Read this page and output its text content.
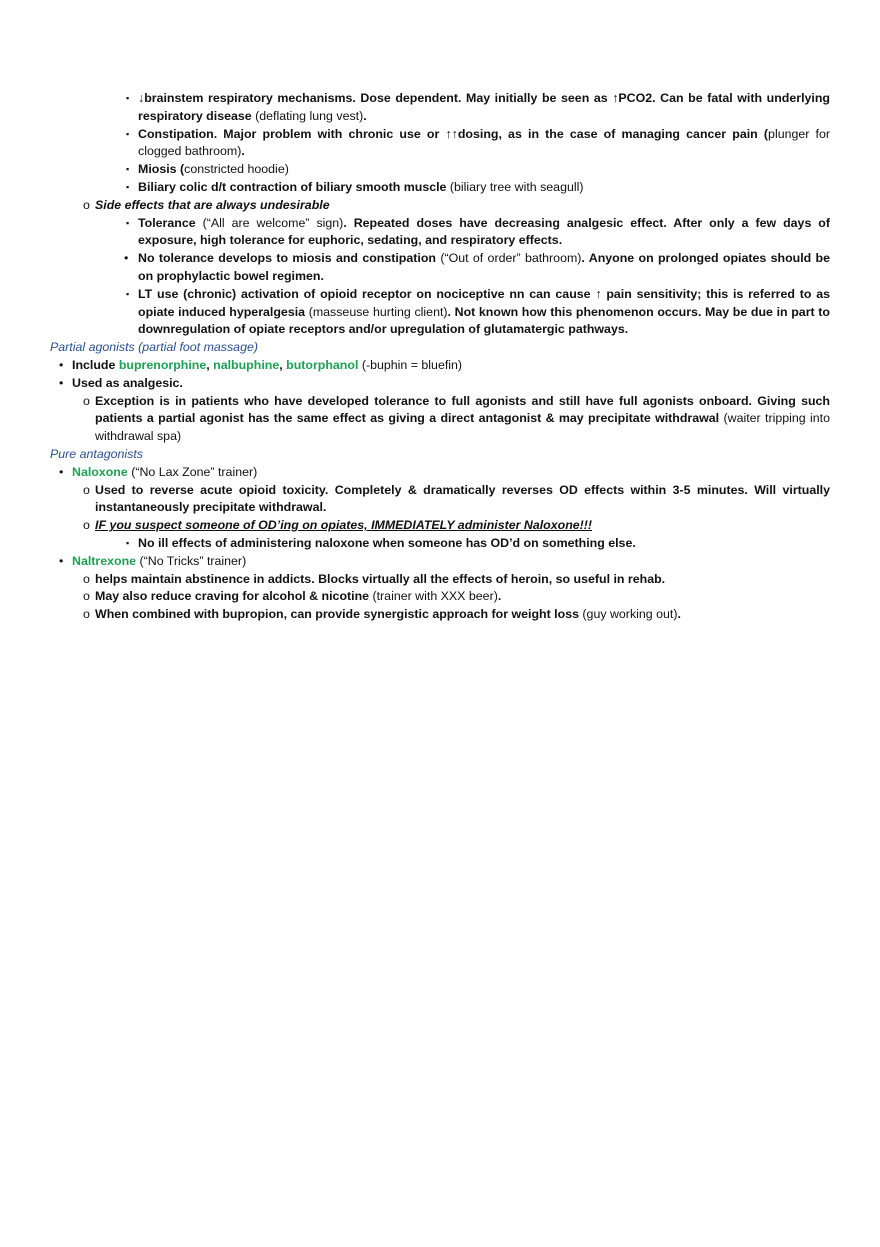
▪ ↓brainstem respiratory mechanisms. Dose dependent. May initially be seen as ↑PCO2. Can be fatal with underlying respiratory disease (deflating lung vest).
▪ Constipation. Major problem with chronic use or ↑↑dosing, as in the case of managing cancer pain (plunger for clogged bathroom).
▪ Miosis (constricted hoodie)
▪ Biliary colic d/t contraction of biliary smooth muscle (biliary tree with seagull)
o Side effects that are always undesirable
▪ Tolerance (“All are welcome” sign). Repeated doses have decreasing analgesic effect. After only a few days of exposure, high tolerance for euphoric, sedating, and respiratory effects.
• No tolerance develops to miosis and constipation (“Out of order” bathroom). Anyone on prolonged opiates should be on prophylactic bowel regimen.
▪ LT use (chronic) activation of opioid receptor on nociceptive nn can cause ↑ pain sensitivity; this is referred to as opiate induced hyperalgesia (masseuse hurting client). Not known how this phenomenon occurs. May be due in part to downregulation of opiate receptors and/or upregulation of glutamatergic pathways.
Partial agonists (partial foot massage)
• Include buprenorphine, nalbuphine, butorphanol (-buphin = bluefin)
• Used as analgesic.
o Exception is in patients who have developed tolerance to full agonists and still have full agonists onboard. Giving such patients a partial agonist has the same effect as giving a direct antagonist & may precipitate withdrawal (waiter tripping into withdrawal spa)
Pure antagonists
• Naloxone (“No Lax Zone” trainer)
o Used to reverse acute opioid toxicity. Completely & dramatically reverses OD effects within 3-5 minutes. Will virtually instantaneously precipitate withdrawal.
o IF you suspect someone of OD’ing on opiates, IMMEDIATELY administer Naloxone!!!
▪ No ill effects of administering naloxone when someone has OD’d on something else.
• Naltrexone (“No Tricks” trainer)
o helps maintain abstinence in addicts. Blocks virtually all the effects of heroin, so useful in rehab.
o May also reduce craving for alcohol & nicotine (trainer with XXX beer).
o When combined with bupropion, can provide synergistic approach for weight loss (guy working out).
